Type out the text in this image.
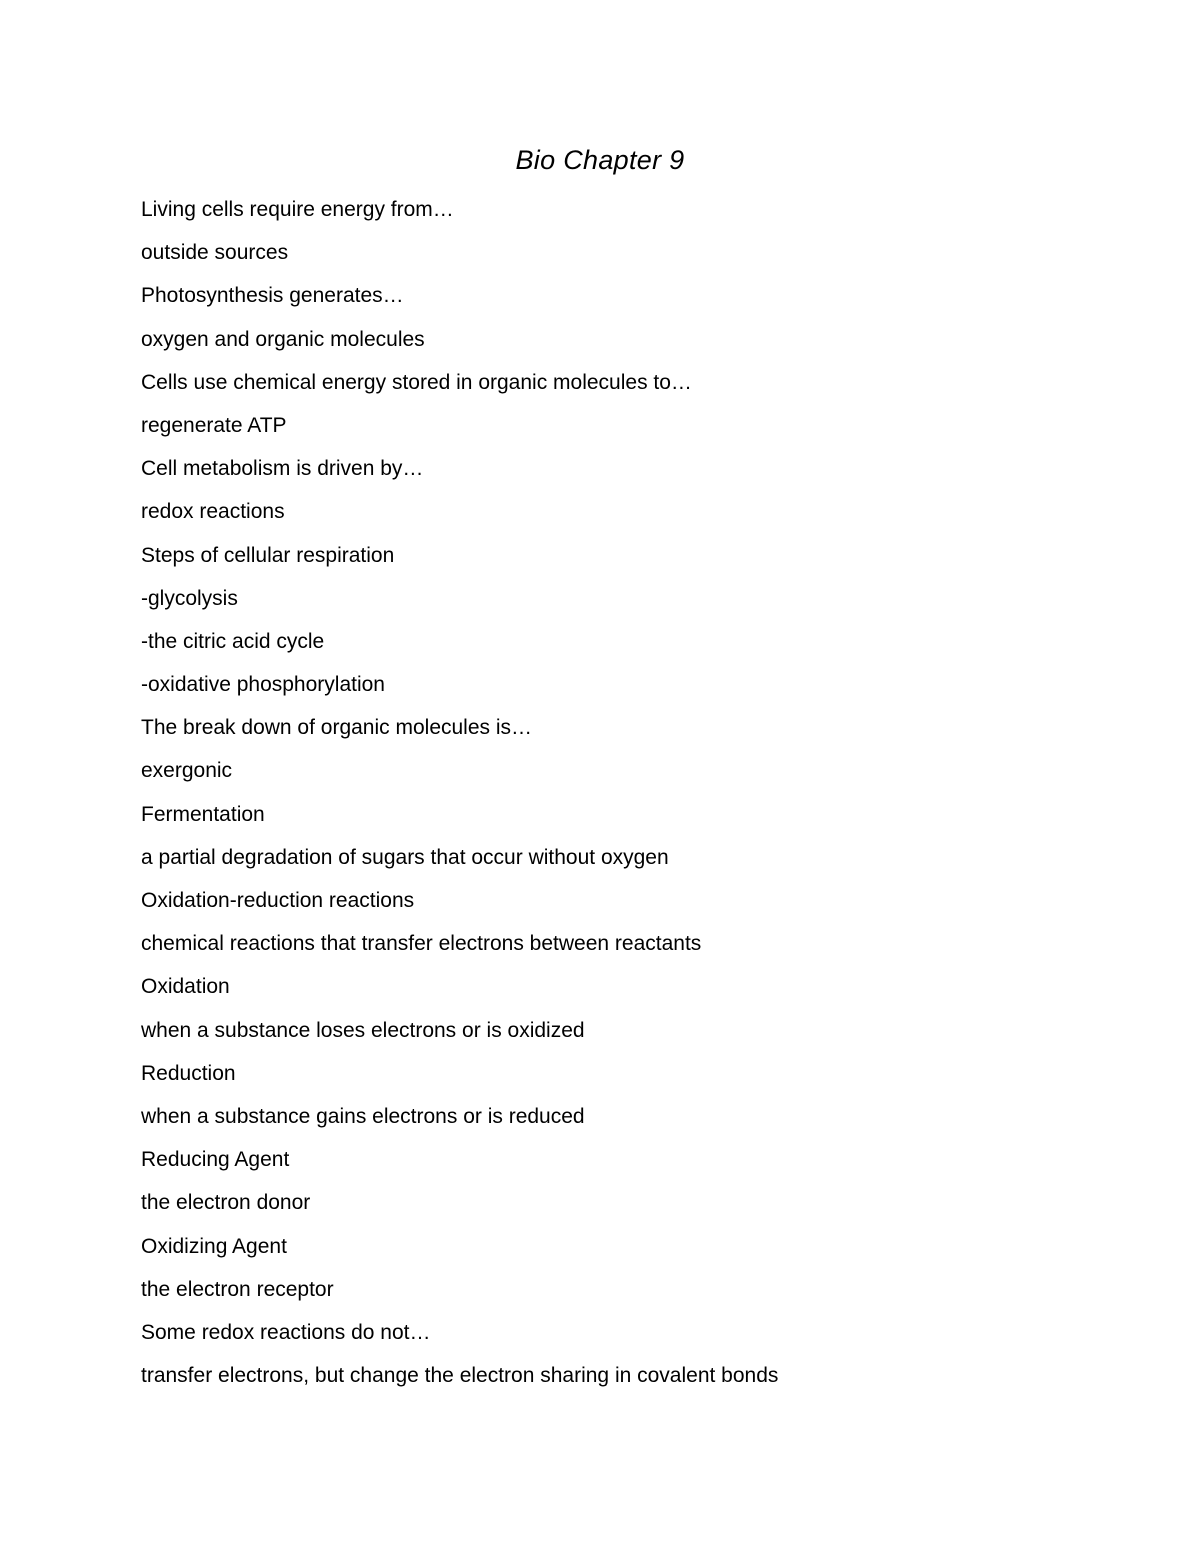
Bio Chapter 9
Living cells require energy from…
outside sources
Photosynthesis generates…
oxygen and organic molecules
Cells use chemical energy stored in organic molecules to…
regenerate ATP
Cell metabolism is driven by…
redox reactions
Steps of cellular respiration
-glycolysis
-the citric acid cycle
-oxidative phosphorylation
The break down of organic molecules is…
exergonic
Fermentation
a partial degradation of sugars that occur without oxygen
Oxidation-reduction reactions
chemical reactions that transfer electrons between reactants
Oxidation
when a substance loses electrons or is oxidized
Reduction
when a substance gains electrons or is reduced
Reducing Agent
the electron donor
Oxidizing Agent
the electron receptor
Some redox reactions do not…
transfer electrons, but change the electron sharing in covalent bonds
